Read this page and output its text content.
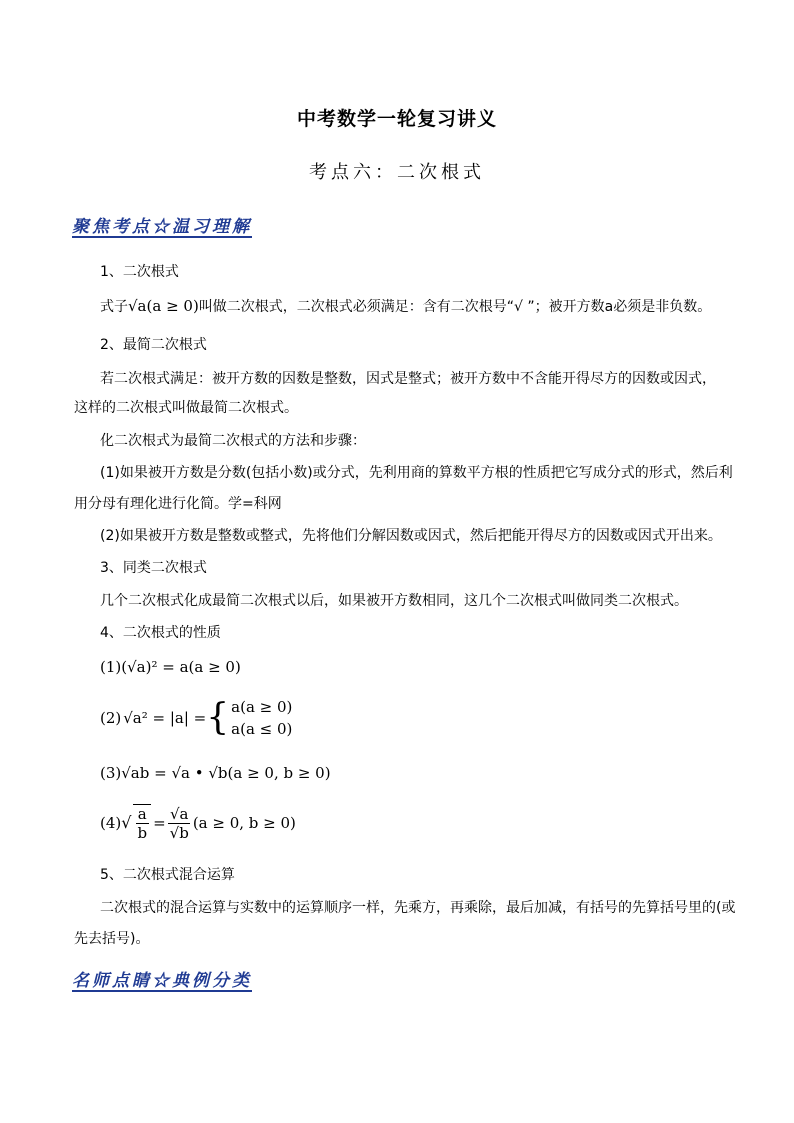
中考数学一轮复习讲义
考点六：二次根式
聚焦考点☆温习理解
1、二次根式
式子√a(a ≥ 0)叫做二次根式，二次根式必须满足：含有二次根号“√ ”；被开方数a必须是非负数。
2、最简二次根式
若二次根式满足：被开方数的因数是整数，因式是整式；被开方数中不含能开得尽方的因数或因式，
这样的二次根式叫做最简二次根式。
化二次根式为最简二次根式的方法和步骤：
(1)如果被开方数是分数(包括小数)或分式，先利用商的算数平方根的性质把它写成分式的形式，然后利
用分母有理化进行化简。学=科网
(2)如果被开方数是整数或整式，先将他们分解因数或因式，然后把能开得尽方的因数或因式开出来。
3、同类二次根式
几个二次根式化成最简二次根式以后，如果被开方数相同，这几个二次根式叫做同类二次根式。
4、二次根式的性质
(1)(√a)² = a(a ≥ 0)
(2) √a² = |a| = { a(a ≥ 0)
a(a ≤ 0)
(3)√ab = √a • √b(a ≥ 0, b ≥ 0)
(4) √ $\frac{a}{b} = \frac{√a}{√b} (a \ge 0$, b ≥ 0)
5、二次根式混合运算
二次根式的混合运算与实数中的运算顺序一样，先乘方，再乘除，最后加减，有括号的先算括号里的(或
先去括号)。
名师点睛☆典例分类
